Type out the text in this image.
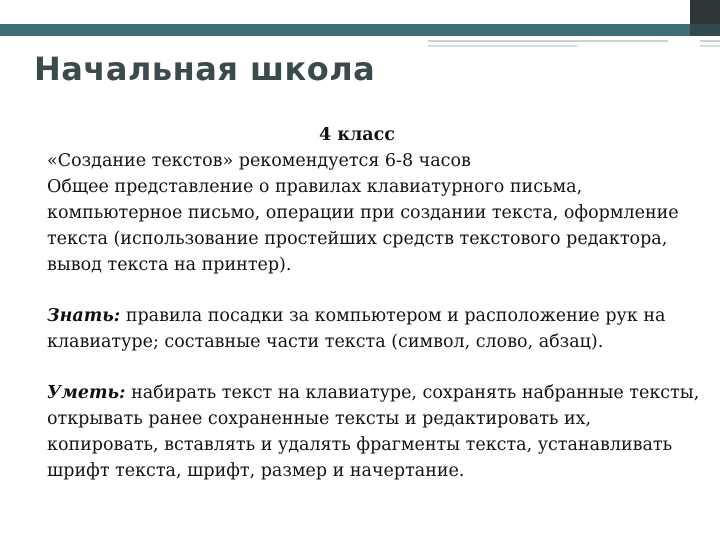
Начальная школа
4 класс

«Создание текстов» рекомендуется 6-8 часов

Общее представление о правилах клавиатурного письма, компьютерное письмо, операции при создании текста, оформление текста (использование простейших средств текстового редактора, вывод текста на принтер).

Знать: правила посадки за компьютером и расположение рук на клавиатуре; составные части текста (символ, слово, абзац).

Уметь: набирать текст на клавиатуре, сохранять набранные тексты, открывать ранее сохраненные тексты и редактировать их, копировать, вставлять и удалять фрагменты текста, устанавливать шрифт текста, шрифт, размер и начертание.
